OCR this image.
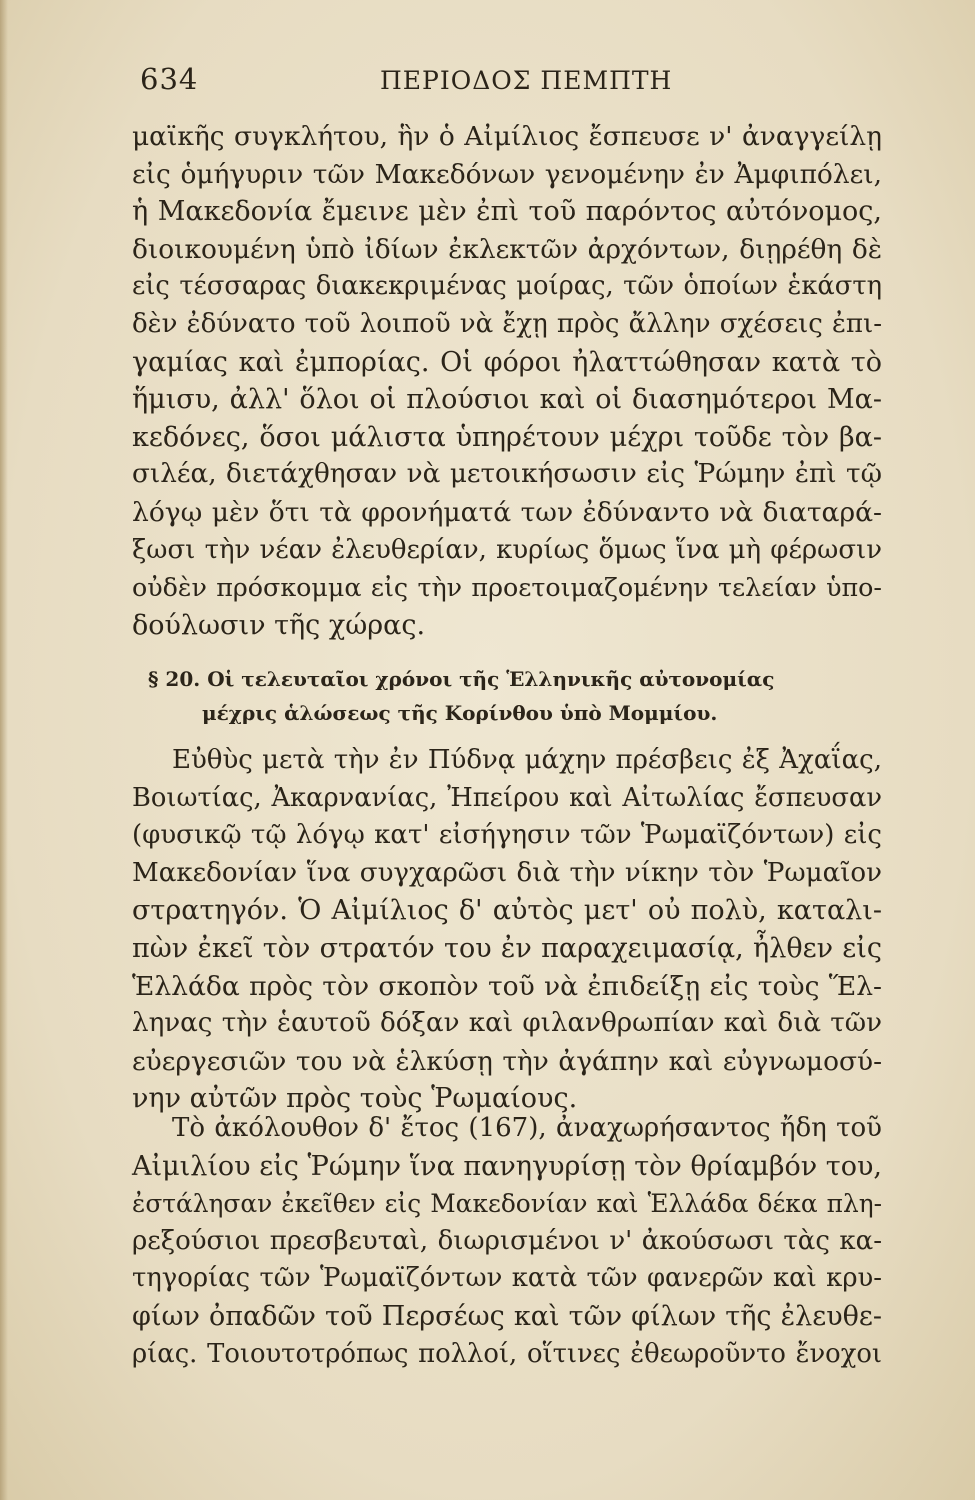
634	ΠΕΡΙΟΔΟΣ ΠΕΜΠΤΗ
μαϊκῆς συγκλήτου, ἣν ὁ Αἰμίλιος ἔσπευσε ν' ἀναγγείλῃ
εἰς ὁμήγυριν τῶν Μακεδόνων γενομένην ἐν Ἀμφιπόλει,
ἡ Μακεδονία ἔμεινε μὲν ἐπὶ τοῦ παρόντος αὐτόνομος,
διοικουμένη ὑπὸ ἰδίων ἐκλεκτῶν ἀρχόντων, διῃρέθη δὲ
εἰς τέσσαρας διακεκριμένας μοίρας, τῶν ὁποίων ἑκάστη
δὲν ἐδύνατο τοῦ λοιποῦ νὰ ἔχῃ πρὸς ἄλλην σχέσεις ἐπι-
γαμίας καὶ ἐμπορίας. Οἱ φόροι ἠλαττώθησαν κατὰ τὸ
ἥμισυ, ἀλλ' ὅλοι οἱ πλούσιοι καὶ οἱ διασημότεροι Μα-
κεδόνες, ὅσοι μάλιστα ὑπηρέτουν μέχρι τοῦδε τὸν βα-
σιλέα, διετάχθησαν νὰ μετοικήσωσιν εἰς Ῥώμην ἐπὶ τῷ
λόγῳ μὲν ὅτι τὰ φρονήματά των ἐδύναντο νὰ διαταρά-
ξωσι τὴν νέαν ἐλευθερίαν, κυρίως ὅμως ἵνα μὴ φέρωσιν
οὐδὲν πρόσκομμα εἰς τὴν προετοιμαζομένην τελείαν ὑπο-
δούλωσιν τῆς χώρας.
§ 20. Οἱ τελευταῖοι χρόνοι τῆς Ἑλληνικῆς αὐτονομίας
μέχρις ἁλώσεως τῆς Κορίνθου ὑπὸ Μομμίου.
Εὐθὺς μετὰ τὴν ἐν Πύδνᾳ μάχην πρέσβεις ἐξ Ἀχαΐας,
Βοιωτίας, Ἀκαρνανίας, Ἠπείρου καὶ Αἰτωλίας ἔσπευσαν
(φυσικῷ τῷ λόγῳ κατ' εἰσήγησιν τῶν Ῥωμαϊζόντων) εἰς
Μακεδονίαν ἵνα συγχαρῶσι διὰ τὴν νίκην τὸν Ῥωμαῖον
στρατηγόν. Ὁ Αἰμίλιος δ' αὐτὸς μετ' οὐ πολὺ, καταλι-
πὼν ἐκεῖ τὸν στρατόν του ἐν παραχειμασίᾳ, ἦλθεν εἰς
Ἑλλάδα πρὸς τὸν σκοπὸν τοῦ νὰ ἐπιδείξῃ εἰς τοὺς Ἕλ-
ληνας τὴν ἑαυτοῦ δόξαν καὶ φιλανθρωπίαν καὶ διὰ τῶν
εὐεργεσιῶν του νὰ ἑλκύσῃ τὴν ἀγάπην καὶ εὐγνωμοσύ-
νην αὐτῶν πρὸς τοὺς Ῥωμαίους.
Τὸ ἀκόλουθον δ' ἔτος (167), ἀναχωρήσαντος ἤδη τοῦ
Αἰμιλίου εἰς Ῥώμην ἵνα πανηγυρίσῃ τὸν θρίαμβόν του,
ἐστάλησαν ἐκεῖθεν εἰς Μακεδονίαν καὶ Ἑλλάδα δέκα πλη-
ρεξούσιοι πρεσβευταὶ, διωρισμένοι ν' ἀκούσωσι τὰς κα-
τηγορίας τῶν Ῥωμαϊζόντων κατὰ τῶν φανερῶν καὶ κρυ-
φίων ὀπαδῶν τοῦ Περσέως καὶ τῶν φίλων τῆς ἐλευθε-
ρίας. Τοιουτοτρόπως πολλοί, οἵτινες ἐθεωροῦντο ἔνοχοι
